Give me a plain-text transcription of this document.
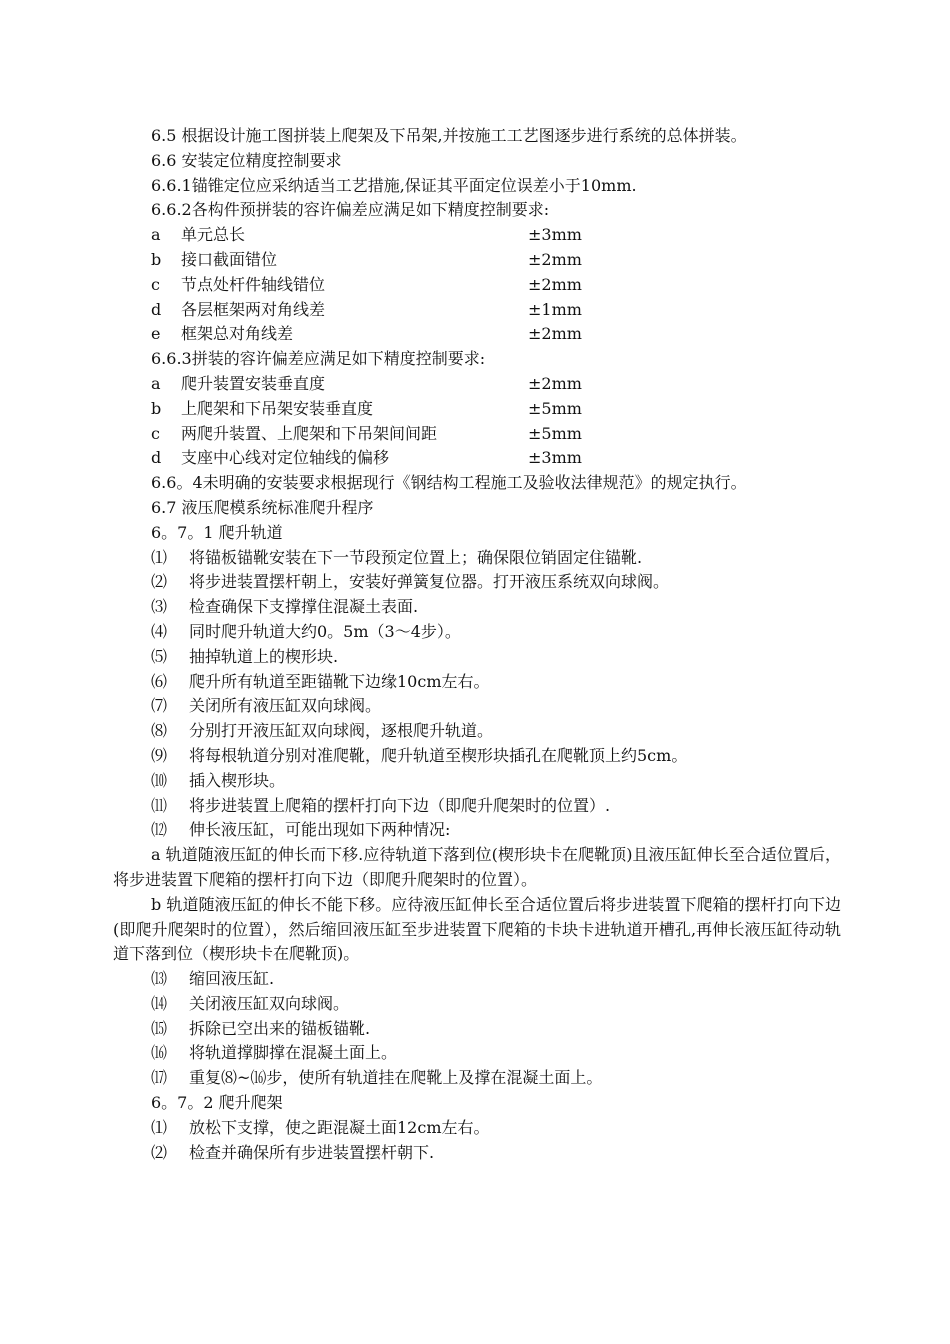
6.5 根据设计施工图拼装上爬架及下吊架,并按施工工艺图逐步进行系统的总体拼装。

6.6 安装定位精度控制要求

6.6.1锚锥定位应采纳适当工艺措施,保证其平面定位误差小于10mm.

6.6.2各构件预拼装的容许偏差应满足如下精度控制要求:

a	单元总长	±3mm
b	接口截面错位	±2mm
c	节点处杆件轴线错位	±2mm
d	各层框架两对角线差	±1mm
e	框架总对角线差	±2mm

6.6.3拼装的容许偏差应满足如下精度控制要求:

a	爬升装置安装垂直度	±2mm
b	上爬架和下吊架安装垂直度	±5mm
c	两爬升装置、上爬架和下吊架间间距	±5mm
d	支座中心线对定位轴线的偏移	±3mm

6.6。4未明确的安装要求根据现行《钢结构工程施工及验收法律规范》的规定执行。

6.7 液压爬模系统标准爬升程序

6。7。1 爬升轨道

⑴	将锚板锚靴安装在下一节段预定位置上；确保限位销固定住锚靴.
⑵	将步进装置摆杆朝上，安装好弹簧复位器。打开液压系统双向球阀。
⑶	检查确保下支撑撑住混凝土表面.
⑷	同时爬升轨道大约0。5m（3～4步）。
⑸	抽掉轨道上的楔形块.
⑹	爬升所有轨道至距锚靴下边缘10cm左右。
⑺	关闭所有液压缸双向球阀。
⑻	分别打开液压缸双向球阀，逐根爬升轨道。
⑼	将每根轨道分别对准爬靴，爬升轨道至楔形块插孔在爬靴顶上约5cm。
⑽	插入楔形块。
⑾	将步进装置上爬箱的摆杆打向下边（即爬升爬架时的位置）.
⑿	伸长液压缸，可能出现如下两种情况:

a 轨道随液压缸的伸长而下移.应待轨道下落到位(楔形块卡在爬靴顶)且液压缸伸长至合适位置后，将步进装置下爬箱的摆杆打向下边（即爬升爬架时的位置）。

b 轨道随液压缸的伸长不能下移。应待液压缸伸长至合适位置后将步进装置下爬箱的摆杆打向下边(即爬升爬架时的位置），然后缩回液压缸至步进装置下爬箱的卡块卡进轨道开槽孔,再伸长液压缸待动轨道下落到位（楔形块卡在爬靴顶)。

⒀	缩回液压缸.
⒁	关闭液压缸双向球阀。
⒂	拆除已空出来的锚板锚靴.
⒃	将轨道撑脚撑在混凝土面上。
⒄	重复⑻~⒃步，使所有轨道挂在爬靴上及撑在混凝土面上。

6。7。2 爬升爬架

⑴	放松下支撑，使之距混凝土面12cm左右。
⑵	检查并确保所有步进装置摆杆朝下.
